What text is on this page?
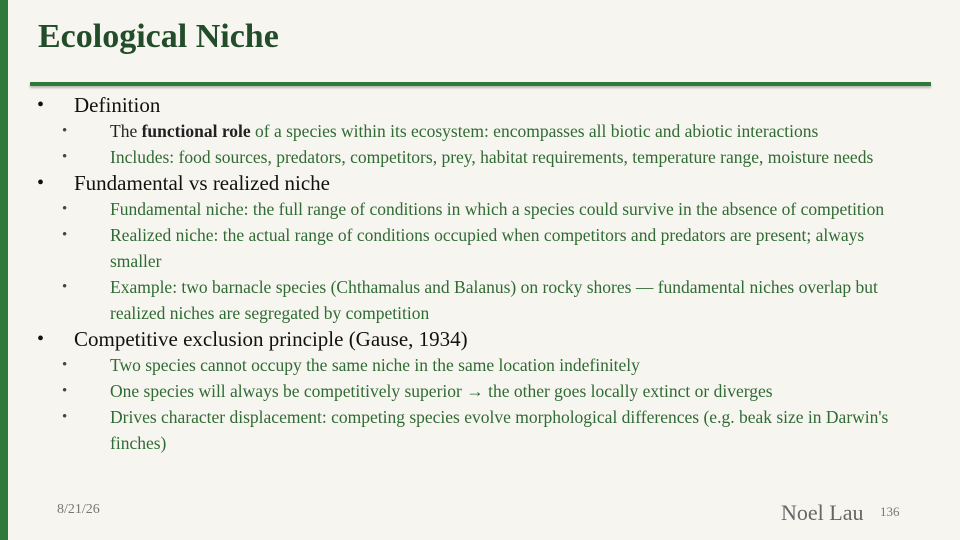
Ecological Niche
• Definition
• The functional role of a species within its ecosystem: encompasses all biotic and abiotic interactions
• Includes: food sources, predators, competitors, prey, habitat requirements, temperature range, moisture needs
• Fundamental vs realized niche
• Fundamental niche: the full range of conditions in which a species could survive in the absence of competition
• Realized niche: the actual range of conditions occupied when competitors and predators are present; always smaller
• Example: two barnacle species (Chthamalus and Balanus) on rocky shores — fundamental niches overlap but realized niches are segregated by competition
• Competitive exclusion principle (Gause, 1934)
• Two species cannot occupy the same niche in the same location indefinitely
• One species will always be competitively superior → the other goes locally extinct or diverges
• Drives character displacement: competing species evolve morphological differences (e.g. beak size in Darwin's finches)
8/21/26	Noel Lau 136
